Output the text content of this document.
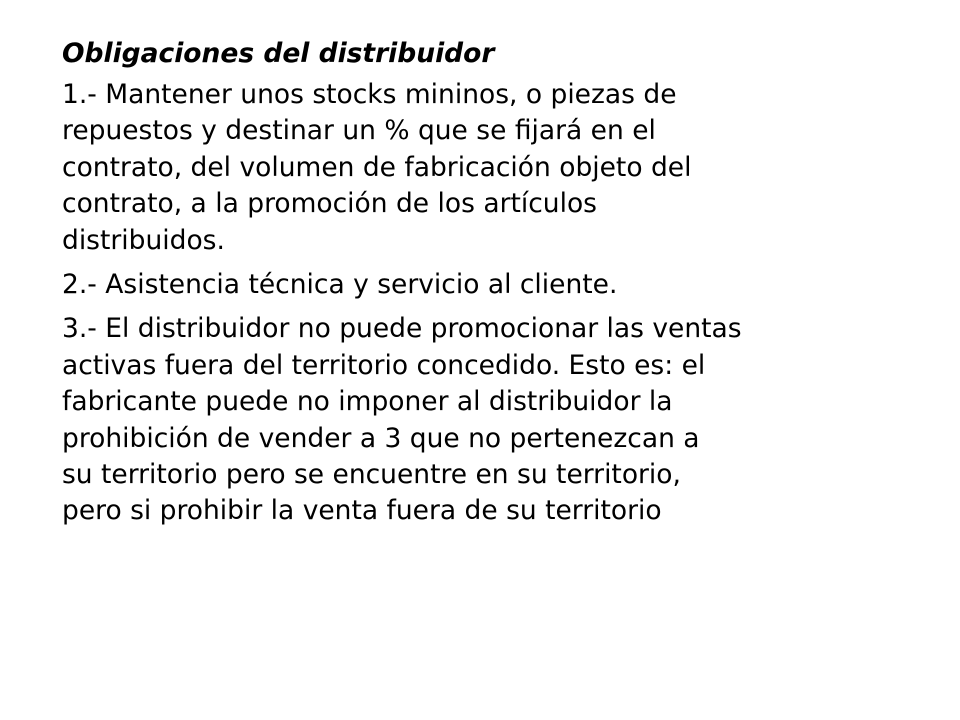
Obligaciones del distribuidor
1.- Mantener unos stocks mininos, o piezas de
repuestos y destinar un % que se fijará en el
contrato, del volumen de fabricación objeto del
contrato, a la promoción de los artículos
distribuidos.
2.- Asistencia técnica y servicio al cliente.
3.- El distribuidor no puede promocionar las ventas
activas fuera del territorio concedido. Esto es: el
fabricante puede no imponer al distribuidor la
prohibición de vender a 3 que no pertenezcan a
su territorio pero se encuentre en su territorio,
pero si prohibir la venta fuera de su territorio
